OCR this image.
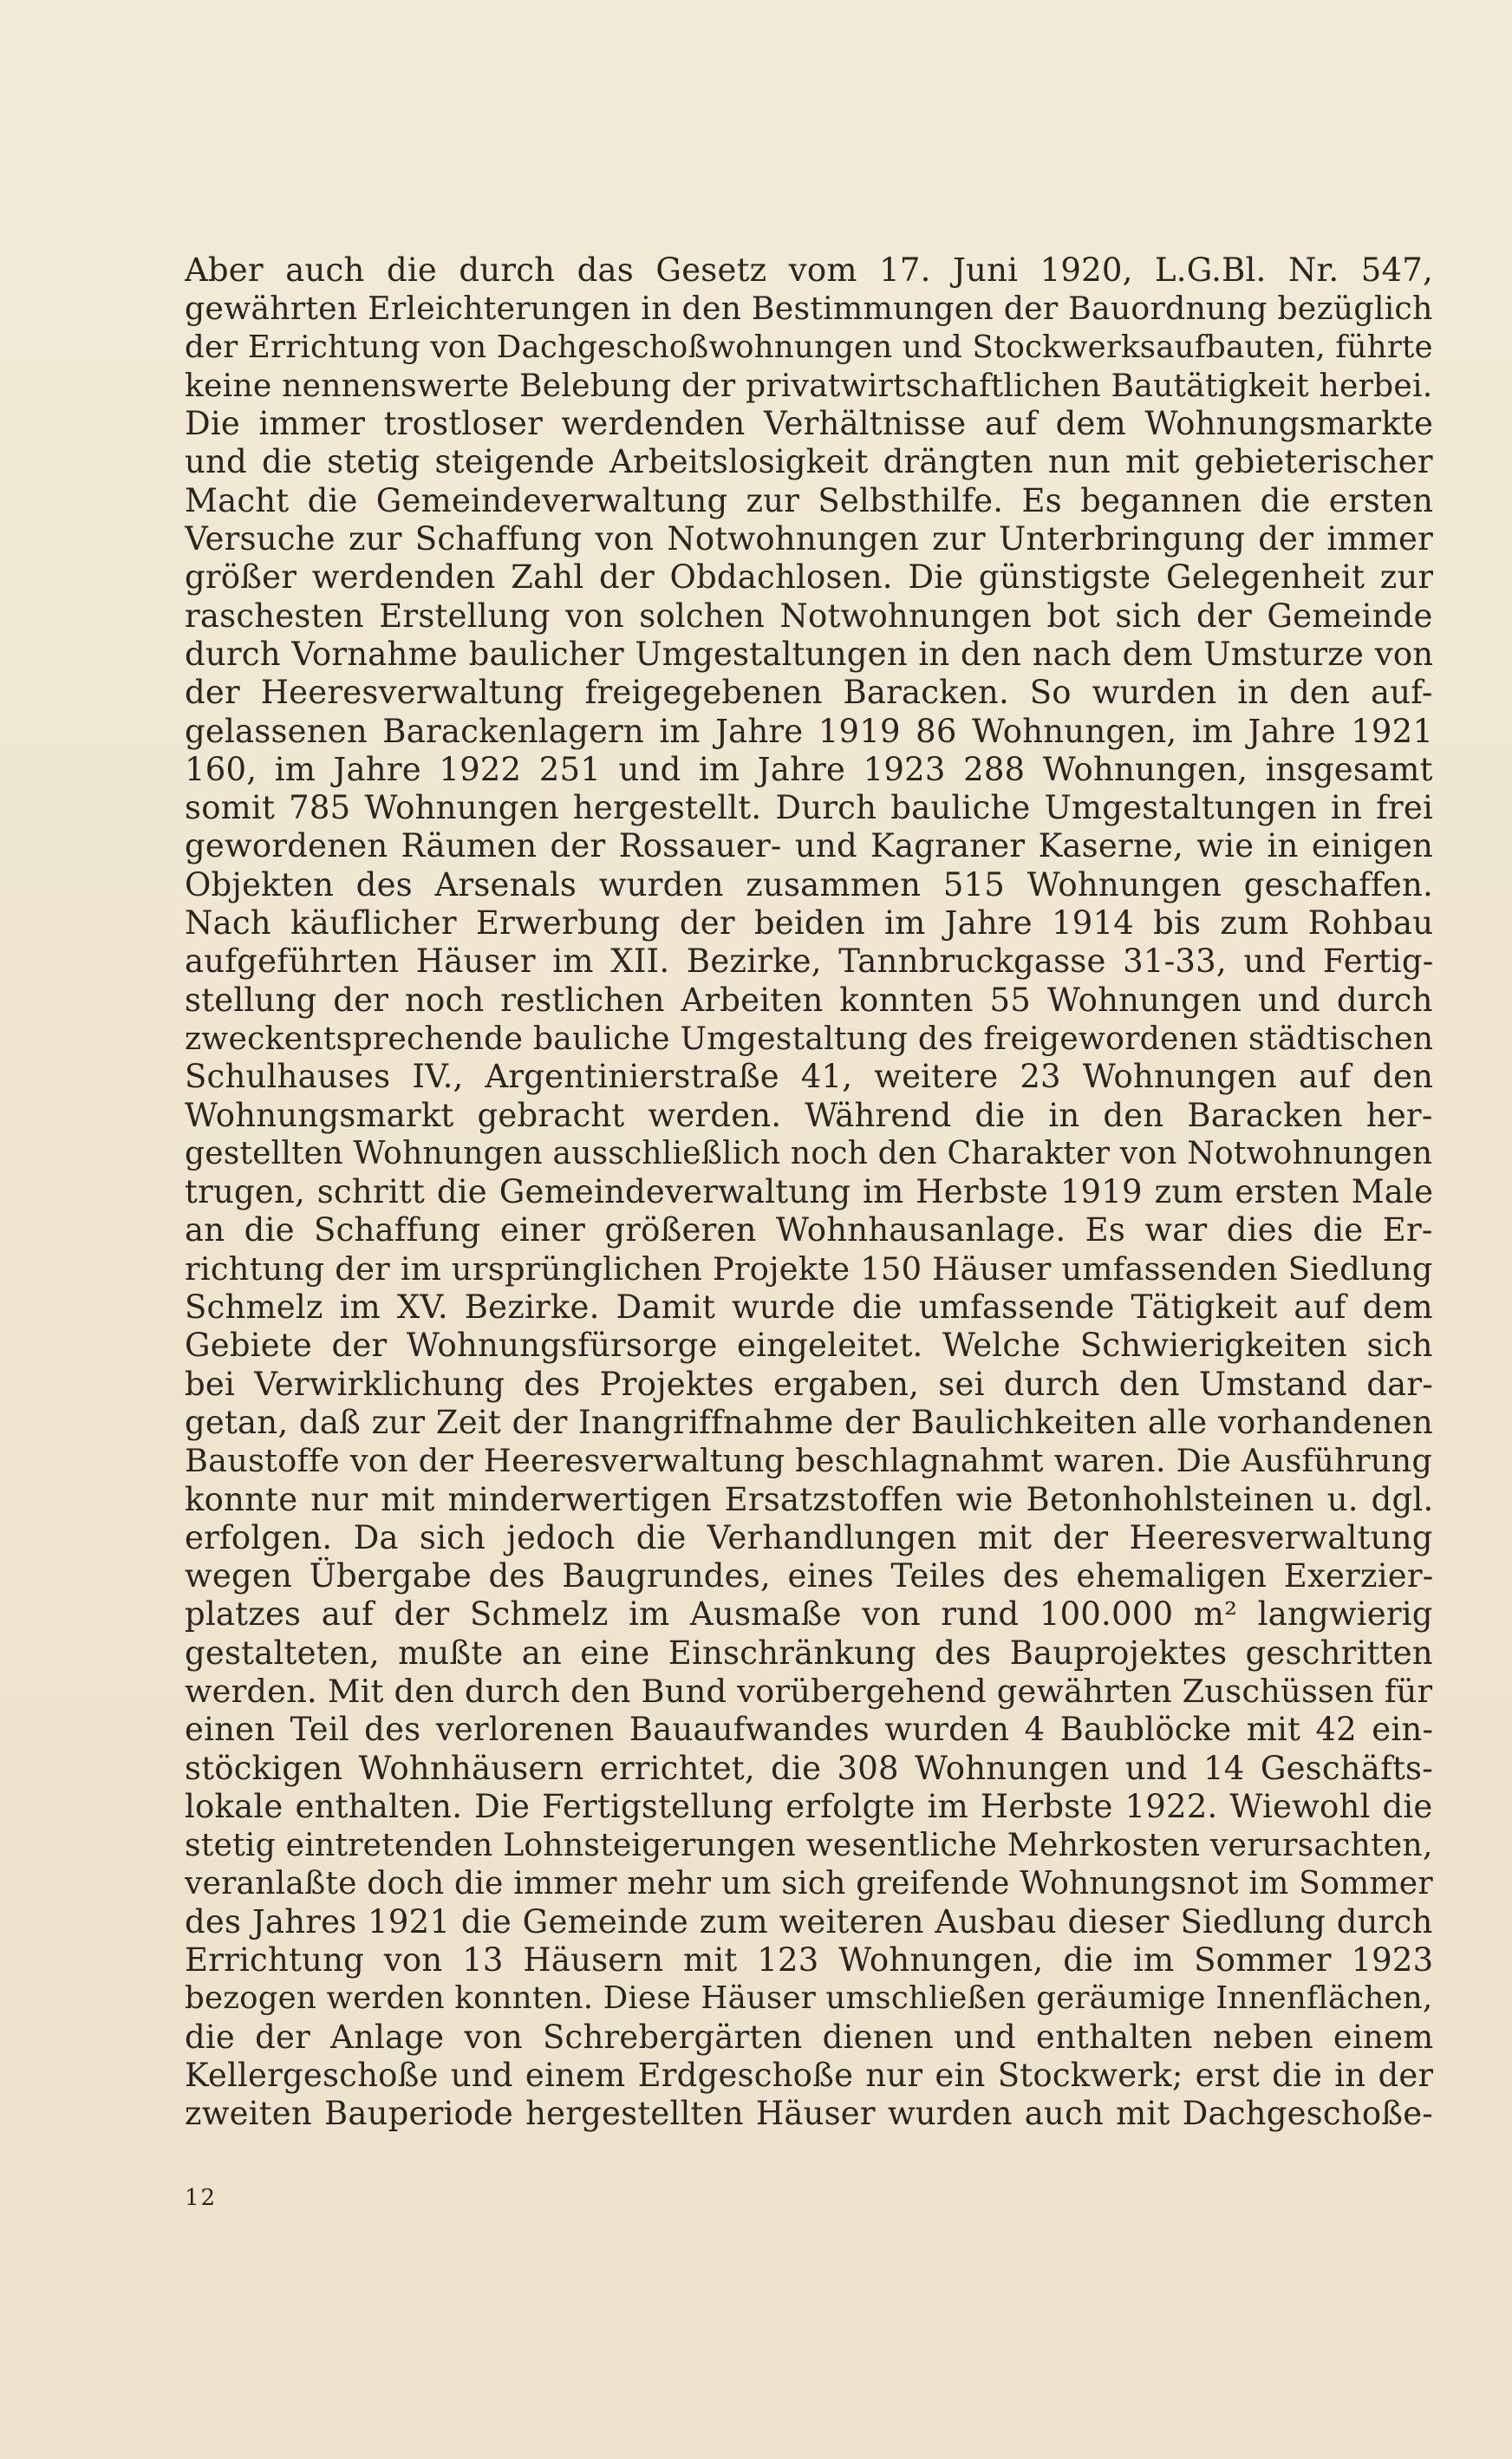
Aber auch die durch das Gesetz vom 17. Juni 1920, L.G.Bl. Nr. 547,
gewährten Erleichterungen in den Bestimmungen der Bauordnung bezüglich
der Errichtung von Dachgeschoßwohnungen und Stockwerksaufbauten, führte
keine nennenswerte Belebung der privatwirtschaftlichen Bautätigkeit herbei.
Die immer trostloser werdenden Verhältnisse auf dem Wohnungsmarkte
und die stetig steigende Arbeitslosigkeit drängten nun mit gebieterischer
Macht die Gemeindeverwaltung zur Selbsthilfe. Es begannen die ersten
Versuche zur Schaffung von Notwohnungen zur Unterbringung der immer
größer werdenden Zahl der Obdachlosen. Die günstigste Gelegenheit zur
raschesten Erstellung von solchen Notwohnungen bot sich der Gemeinde
durch Vornahme baulicher Umgestaltungen in den nach dem Umsturze von
der Heeresverwaltung freigegebenen Baracken. So wurden in den auf-
gelassenen Barackenlagern im Jahre 1919 86 Wohnungen, im Jahre 1921
160, im Jahre 1922 251 und im Jahre 1923 288 Wohnungen, insgesamt
somit 785 Wohnungen hergestellt. Durch bauliche Umgestaltungen in frei
gewordenen Räumen der Rossauer- und Kagraner Kaserne, wie in einigen
Objekten des Arsenals wurden zusammen 515 Wohnungen geschaffen.
Nach käuflicher Erwerbung der beiden im Jahre 1914 bis zum Rohbau
aufgeführten Häuser im XII. Bezirke, Tannbruckgasse 31-33, und Fertig-
stellung der noch restlichen Arbeiten konnten 55 Wohnungen und durch
zweckentsprechende bauliche Umgestaltung des freigewordenen städtischen
Schulhauses IV., Argentinierstraße 41, weitere 23 Wohnungen auf den
Wohnungsmarkt gebracht werden. Während die in den Baracken her-
gestellten Wohnungen ausschließlich noch den Charakter von Notwohnungen
trugen, schritt die Gemeindeverwaltung im Herbste 1919 zum ersten Male
an die Schaffung einer größeren Wohnhausanlage. Es war dies die Er-
richtung der im ursprünglichen Projekte 150 Häuser umfassenden Siedlung
Schmelz im XV. Bezirke. Damit wurde die umfassende Tätigkeit auf dem
Gebiete der Wohnungsfürsorge eingeleitet. Welche Schwierigkeiten sich
bei Verwirklichung des Projektes ergaben, sei durch den Umstand dar-
getan, daß zur Zeit der Inangriffnahme der Baulichkeiten alle vorhandenen
Baustoffe von der Heeresverwaltung beschlagnahmt waren. Die Ausführung
konnte nur mit minderwertigen Ersatzstoffen wie Betonhohlsteinen u. dgl.
erfolgen. Da sich jedoch die Verhandlungen mit der Heeresverwaltung
wegen Übergabe des Baugrundes, eines Teiles des ehemaligen Exerzier-
platzes auf der Schmelz im Ausmaße von rund 100.000 m² langwierig
gestalteten, mußte an eine Einschränkung des Bauprojektes geschritten
werden. Mit den durch den Bund vorübergehend gewährten Zuschüssen für
einen Teil des verlorenen Bauaufwandes wurden 4 Baublöcke mit 42 ein-
stöckigen Wohnhäusern errichtet, die 308 Wohnungen und 14 Geschäfts-
lokale enthalten. Die Fertigstellung erfolgte im Herbste 1922. Wiewohl die
stetig eintretenden Lohnsteigerungen wesentliche Mehrkosten verursachten,
veranlaßte doch die immer mehr um sich greifende Wohnungsnot im Sommer
des Jahres 1921 die Gemeinde zum weiteren Ausbau dieser Siedlung durch
Errichtung von 13 Häusern mit 123 Wohnungen, die im Sommer 1923
bezogen werden konnten. Diese Häuser umschließen geräumige Innenflächen,
die der Anlage von Schrebergärten dienen und enthalten neben einem
Kellergeschoße und einem Erdgeschoße nur ein Stockwerk; erst die in der
zweiten Bauperiode hergestellten Häuser wurden auch mit Dachgeschoße-
12
